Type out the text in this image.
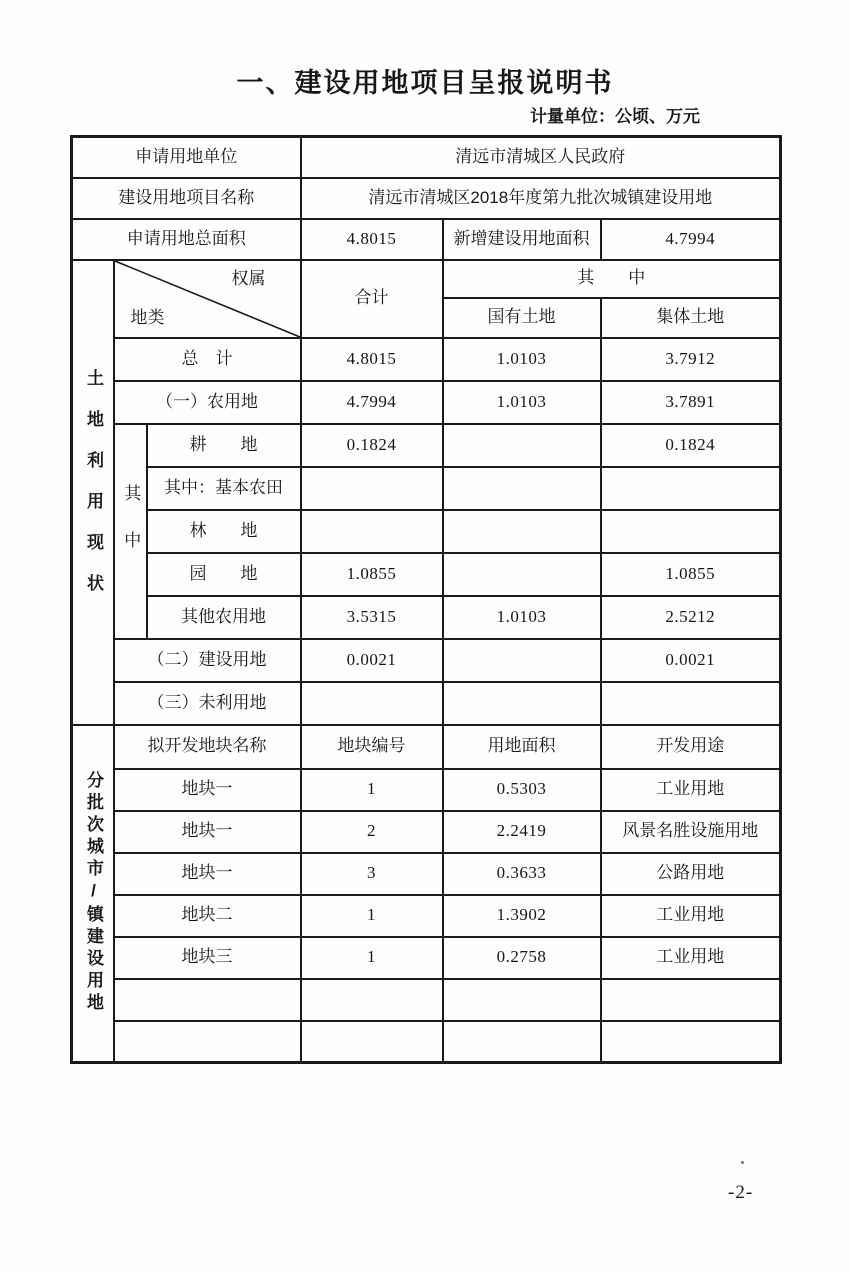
一、建设用地项目呈报说明书
计量单位：公顷、万元
申请用地单位			清远市清城区人民政府		
建设用地项目名称			清远市清城区2018年度第九批次城镇建设用地		
申请用地总面积			4.8015	新增建设用地面积	4.7994

土地利用现状	权属
地类		合计	其　　中	
				国有土地	集体土地
	总　计		4.8015	1.0103	3.7912
	（一）农用地		4.7994	1.0103	3.7891

	其中	耕　　地	0.1824		0.1824
		其中：基本农田			
		林　　地			
		园　　地	1.0855		1.0855
		其他农用地	3.5315	1.0103	2.5212
	（二）建设用地		0.0021		0.0021
	（三）未利用地				

分批次城市/镇建设用地	拟开发地块名称		地块编号	用地面积	开发用途
	地块一		1	0.5303	工业用地
	地块一		2	2.2419	风景名胜设施用地
	地块一		3	0.3633	公路用地
	地块二		1	1.3902	工业用地
	地块三		1	0.2758	工业用地

-2-
